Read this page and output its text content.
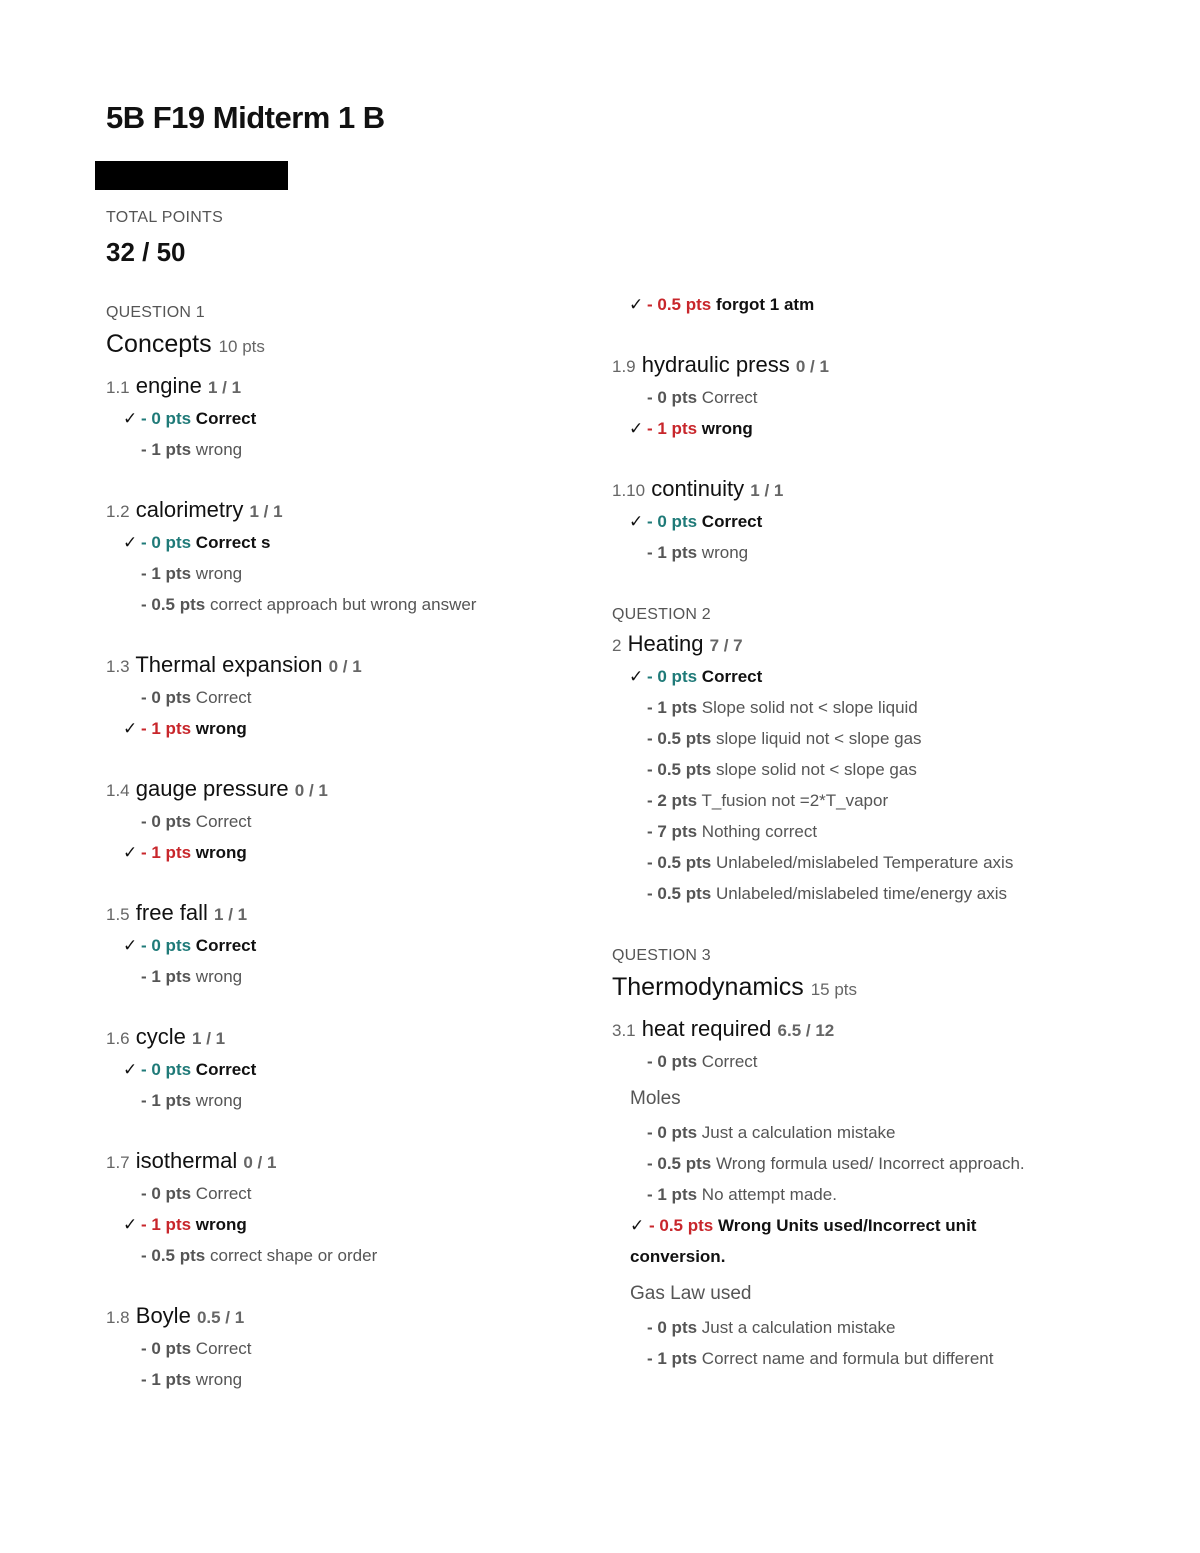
5B F19 Midterm 1 B
TOTAL POINTS
32 / 50
QUESTION 1
Concepts 10 pts
1.1 engine 1 / 1
✓ - 0 pts Correct
- 1 pts wrong
1.2 calorimetry 1 / 1
✓ - 0 pts Correct s
- 1 pts wrong
- 0.5 pts correct approach but wrong answer
1.3 Thermal expansion 0 / 1
- 0 pts Correct
✓ - 1 pts wrong
1.4 gauge pressure 0 / 1
- 0 pts Correct
✓ - 1 pts wrong
1.5 free fall 1 / 1
✓ - 0 pts Correct
- 1 pts wrong
1.6 cycle 1 / 1
✓ - 0 pts Correct
- 1 pts wrong
1.7 isothermal 0 / 1
- 0 pts Correct
✓ - 1 pts wrong
- 0.5 pts correct shape or order
1.8 Boyle 0.5 / 1
- 0 pts Correct
- 1 pts wrong
✓ - 0.5 pts forgot 1 atm
1.9 hydraulic press 0 / 1
- 0 pts Correct
✓ - 1 pts wrong
1.10 continuity 1 / 1
✓ - 0 pts Correct
- 1 pts wrong
QUESTION 2
2 Heating 7 / 7
✓ - 0 pts Correct
- 1 pts Slope solid not < slope liquid
- 0.5 pts slope liquid not < slope gas
- 0.5 pts slope solid not < slope gas
- 2 pts T_fusion not =2*T_vapor
- 7 pts Nothing correct
- 0.5 pts Unlabeled/mislabeled Temperature axis
- 0.5 pts Unlabeled/mislabeled time/energy axis
QUESTION 3
Thermodynamics 15 pts
3.1 heat required 6.5 / 12
- 0 pts Correct
Moles
- 0 pts Just a calculation mistake
- 0.5 pts Wrong formula used/ Incorrect approach.
- 1 pts No attempt made.
✓ - 0.5 pts Wrong Units used/Incorrect unit conversion.
Gas Law used
- 0 pts Just a calculation mistake
- 1 pts Correct name and formula but different
